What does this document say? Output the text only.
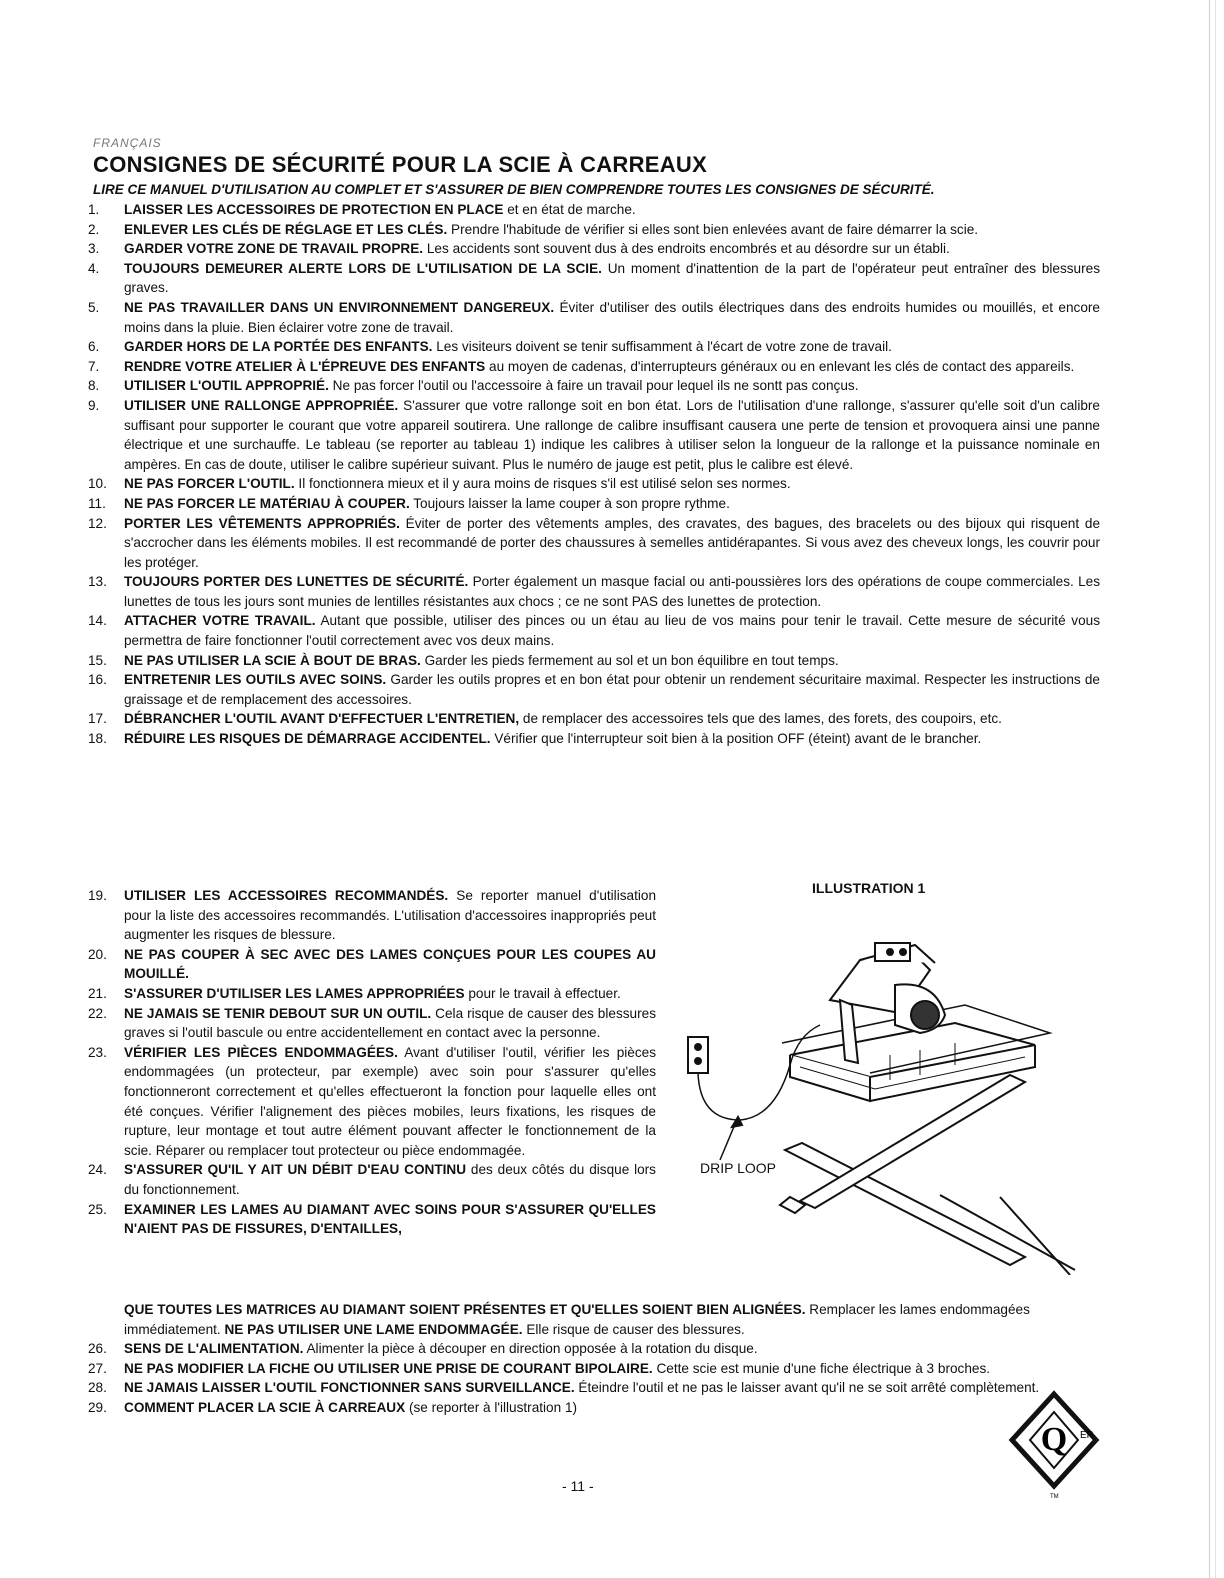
FRANÇAIS
CONSIGNES DE SÉCURITÉ POUR LA SCIE À CARREAUX
LIRE CE MANUEL D'UTILISATION AU COMPLET ET S'ASSURER DE BIEN COMPRENDRE TOUTES LES CONSIGNES DE SÉCURITÉ.
1.	LAISSER LES ACCESSOIRES DE PROTECTION EN PLACE et en état de marche.
2.	ENLEVER LES CLÉS DE RÉGLAGE ET LES CLÉS. Prendre l'habitude de vérifier si elles sont bien enlevées avant de faire démarrer la scie.
3.	GARDER VOTRE ZONE DE TRAVAIL PROPRE. Les accidents sont souvent dus à des endroits encombrés et au désordre sur un établi.
4.	TOUJOURS DEMEURER ALERTE LORS DE L'UTILISATION DE LA SCIE. Un moment d'inattention de la part de l'opérateur peut entraîner des blessures graves.
5.	NE PAS TRAVAILLER DANS UN ENVIRONNEMENT DANGEREUX. Éviter d'utiliser des outils électriques dans des endroits humides ou mouillés, et encore moins dans la pluie. Bien éclairer votre zone de travail.
6.	GARDER HORS DE LA PORTÉE DES ENFANTS. Les visiteurs doivent se tenir suffisamment à l'écart de votre zone de travail.
7.	RENDRE VOTRE ATELIER À L'ÉPREUVE DES ENFANTS au moyen de cadenas, d'interrupteurs généraux ou en enlevant les clés de contact des appareils.
8.	UTILISER L'OUTIL APPROPRIÉ. Ne pas forcer l'outil ou l'accessoire à faire un travail pour lequel ils ne sontt pas conçus.
9.	UTILISER UNE RALLONGE APPROPRIÉE. S'assurer que votre rallonge soit en bon état. Lors de l'utilisation d'une rallonge, s'assurer qu'elle soit d'un calibre suffisant pour supporter le courant que votre appareil soutirera. Une rallonge de calibre insuffisant causera une perte de tension et provoquera ainsi une panne électrique et une surchauffe. Le tableau (se reporter au tableau 1) indique les calibres à utiliser selon la longueur de la rallonge et la puissance nominale en ampères. En cas de doute, utiliser le calibre supérieur suivant. Plus le numéro de jauge est petit, plus le calibre est élevé.
10.	NE PAS FORCER L'OUTIL. Il fonctionnera mieux et il y aura moins de risques s'il est utilisé selon ses normes.
11.	NE PAS FORCER LE MATÉRIAU À COUPER. Toujours laisser la lame couper à son propre rythme.
12.	PORTER LES VÊTEMENTS APPROPRIÉS. Éviter de porter des vêtements amples, des cravates, des bagues, des bracelets ou des bijoux qui risquent de s'accrocher dans les éléments mobiles. Il est recommandé de porter des chaussures à semelles antidérapantes. Si vous avez des cheveux longs, les couvrir pour les protéger.
13.	TOUJOURS PORTER DES LUNETTES DE SÉCURITÉ. Porter également un masque facial ou anti-poussières lors des opérations de coupe commerciales. Les lunettes de tous les jours sont munies de lentilles résistantes aux chocs ; ce ne sont PAS des lunettes de protection.
14.	ATTACHER VOTRE TRAVAIL. Autant que possible, utiliser des pinces ou un étau au lieu de vos mains pour tenir le travail. Cette mesure de sécurité vous permettra de faire fonctionner l'outil correctement avec vos deux mains.
15.	NE PAS UTILISER LA SCIE À BOUT DE BRAS. Garder les pieds fermement au sol et un bon équilibre en tout temps.
16.	ENTRETENIR LES OUTILS AVEC SOINS. Garder les outils propres et en bon état pour obtenir un rendement sécuritaire maximal. Respecter les instructions de graissage et de remplacement des accessoires.
17.	DÉBRANCHER L'OUTIL AVANT D'EFFECTUER L'ENTRETIEN, de remplacer des accessoires tels que des lames, des forets, des coupoirs, etc.
18.	RÉDUIRE LES RISQUES DE DÉMARRAGE ACCIDENTEL. Vérifier que l'interrupteur soit bien à la position OFF (éteint) avant de le brancher.
19.	UTILISER LES ACCESSOIRES RECOMMANDÉS. Se reporter manuel d'utilisation pour la liste des accessoires recommandés. L'utilisation d'accessoires inappropriés peut augmenter les risques de blessure.
20.	NE PAS COUPER À SEC AVEC DES LAMES CONÇUES POUR LES COUPES AU MOUILLÉ.
21.	S'ASSURER D'UTILISER LES LAMES APPROPRIÉES pour le travail à effectuer.
22.	NE JAMAIS SE TENIR DEBOUT SUR UN OUTIL. Cela risque de causer des blessures graves si l'outil bascule ou entre accidentellement en contact avec la personne.
23.	VÉRIFIER LES PIÈCES ENDOMMAGÉES. Avant d'utiliser l'outil, vérifier les pièces endommagées (un protecteur, par exemple) avec soin pour s'assurer qu'elles fonctionneront correctement et qu'elles effectueront la fonction pour laquelle elles ont été conçues. Vérifier l'alignement des pièces mobiles, leurs fixations, les risques de rupture, leur montage et tout autre élément pouvant affecter le fonctionnement de la scie. Réparer ou remplacer tout protecteur ou pièce endommagée.
24.	S'ASSURER QU'IL Y AIT UN DÉBIT D'EAU CONTINU des deux côtés du disque lors du fonctionnement.
25.	EXAMINER LES LAMES AU DIAMANT AVEC SOINS POUR S'ASSURER QU'ELLES N'AIENT PAS DE FISSURES, D'ENTAILLES,
QUE TOUTES LES MATRICES AU DIAMANT SOIENT PRÉSENTES ET QU'ELLES SOIENT BIEN ALIGNÉES. Remplacer les lames endommagées immédiatement. NE PAS UTILISER UNE LAME ENDOMMAGÉE. Elle risque de causer des blessures.
26.	SENS DE L'ALIMENTATION. Alimenter la pièce à découper en direction opposée à la rotation du disque.
27.	NE PAS MODIFIER LA FICHE OU UTILISER UNE PRISE DE COURANT BIPOLAIRE. Cette scie est munie d'une fiche électrique à 3 broches.
28.	NE JAMAIS LAISSER L'OUTIL FONCTIONNER SANS SURVEILLANCE. Éteindre l'outil et ne pas le laisser avant qu'il ne se soit arrêté complètement.
29.	COMMENT PLACER LA SCIE À CARREAUX (se reporter à l'illustration 1)
ILLUSTRATION 1
DRIP LOOP
Q EP
TM
- 11 -
